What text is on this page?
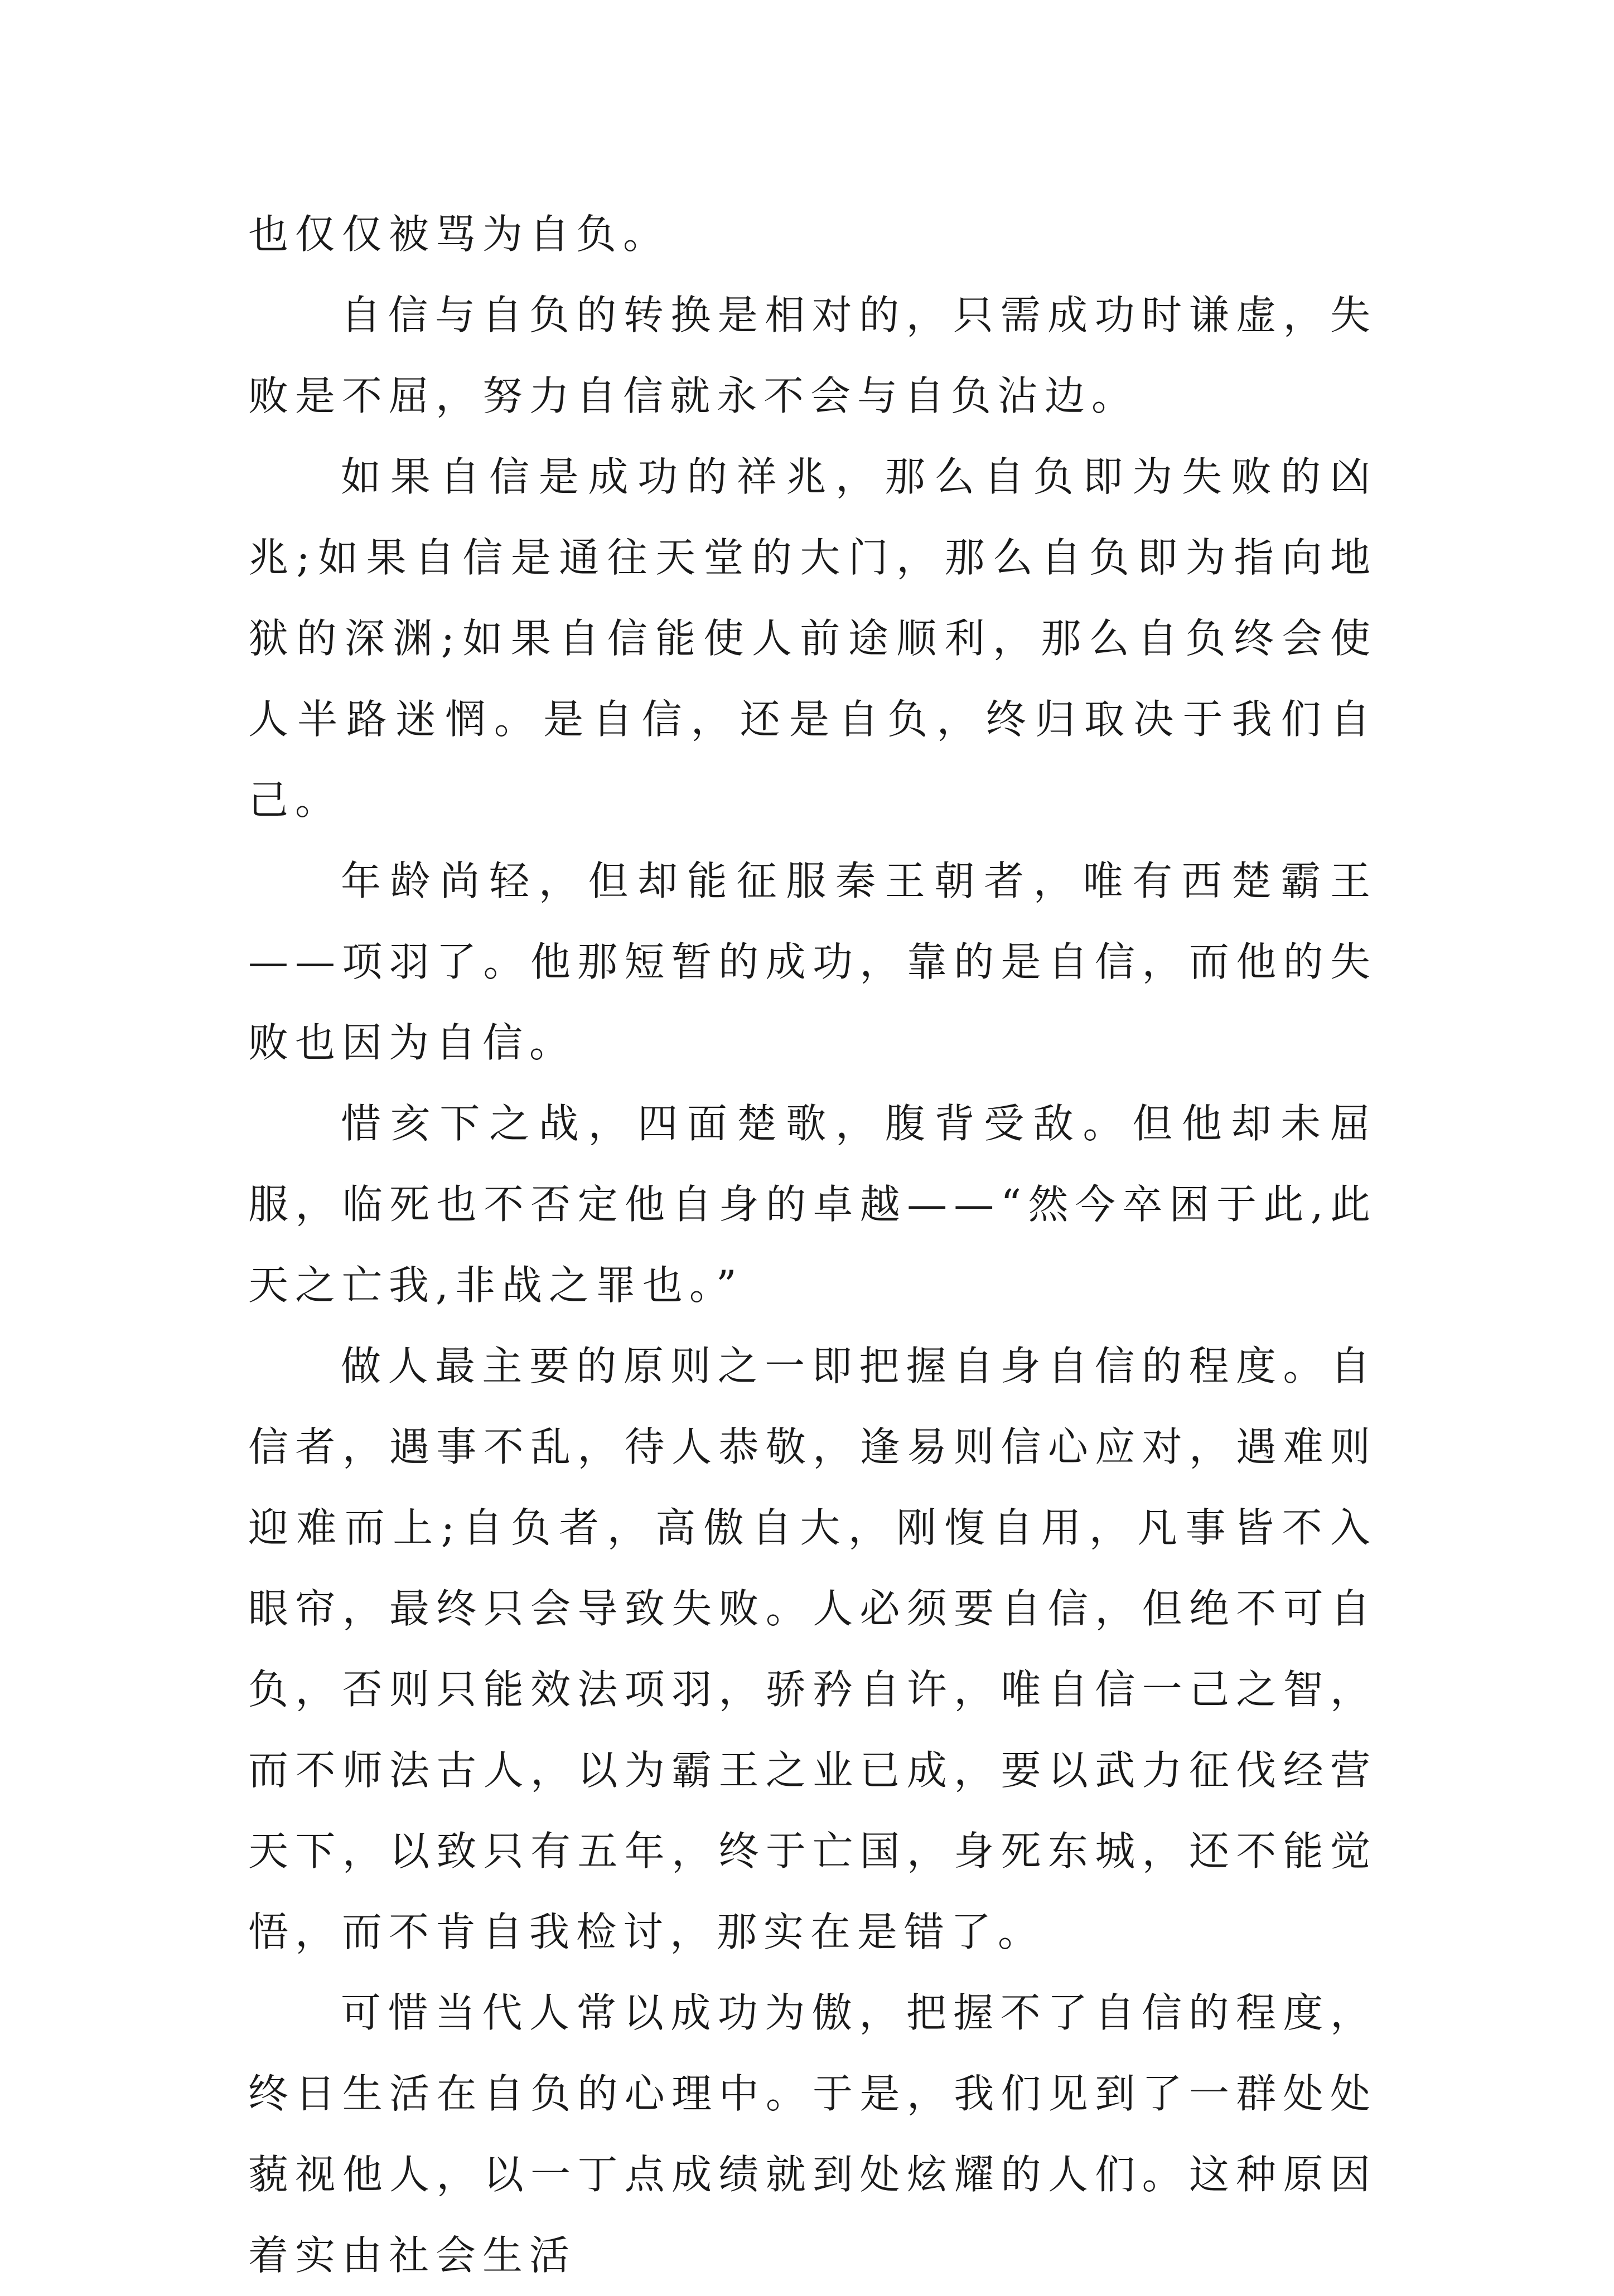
也仅仅被骂为自负。

自信与自负的转换是相对的，只需成功时谦虚，失败是不屈，努力自信就永不会与自负沾边。

如果自信是成功的祥兆，那么自负即为失败的凶兆;如果自信是通往天堂的大门，那么自负即为指向地狱的深渊;如果自信能使人前途顺利，那么自负终会使人半路迷惘。是自信，还是自负，终归取决于我们自己。

年龄尚轻，但却能征服秦王朝者，唯有西楚霸王——项羽了。他那短暂的成功，靠的是自信，而他的失败也因为自信。

惜亥下之战，四面楚歌，腹背受敌。但他却未屈服，临死也不否定他自身的卓越——“然今卒困于此,此天之亡我,非战之罪也。”

做人最主要的原则之一即把握自身自信的程度。自信者，遇事不乱，待人恭敬，逢易则信心应对，遇难则迎难而上;自负者，高傲自大，刚愎自用，凡事皆不入眼帘，最终只会导致失败。人必须要自信，但绝不可自负，否则只能效法项羽，骄矜自许，唯自信一己之智，而不师法古人，以为霸王之业已成，要以武力征伐经营天下，以致只有五年，终于亡国，身死东城，还不能觉悟，而不肯自我检讨，那实在是错了。

可惜当代人常以成功为傲，把握不了自信的程度，终日生活在自负的心理中。于是，我们见到了一群处处藐视他人，以一丁点成绩就到处炫耀的人们。这种原因着实由社会生活
